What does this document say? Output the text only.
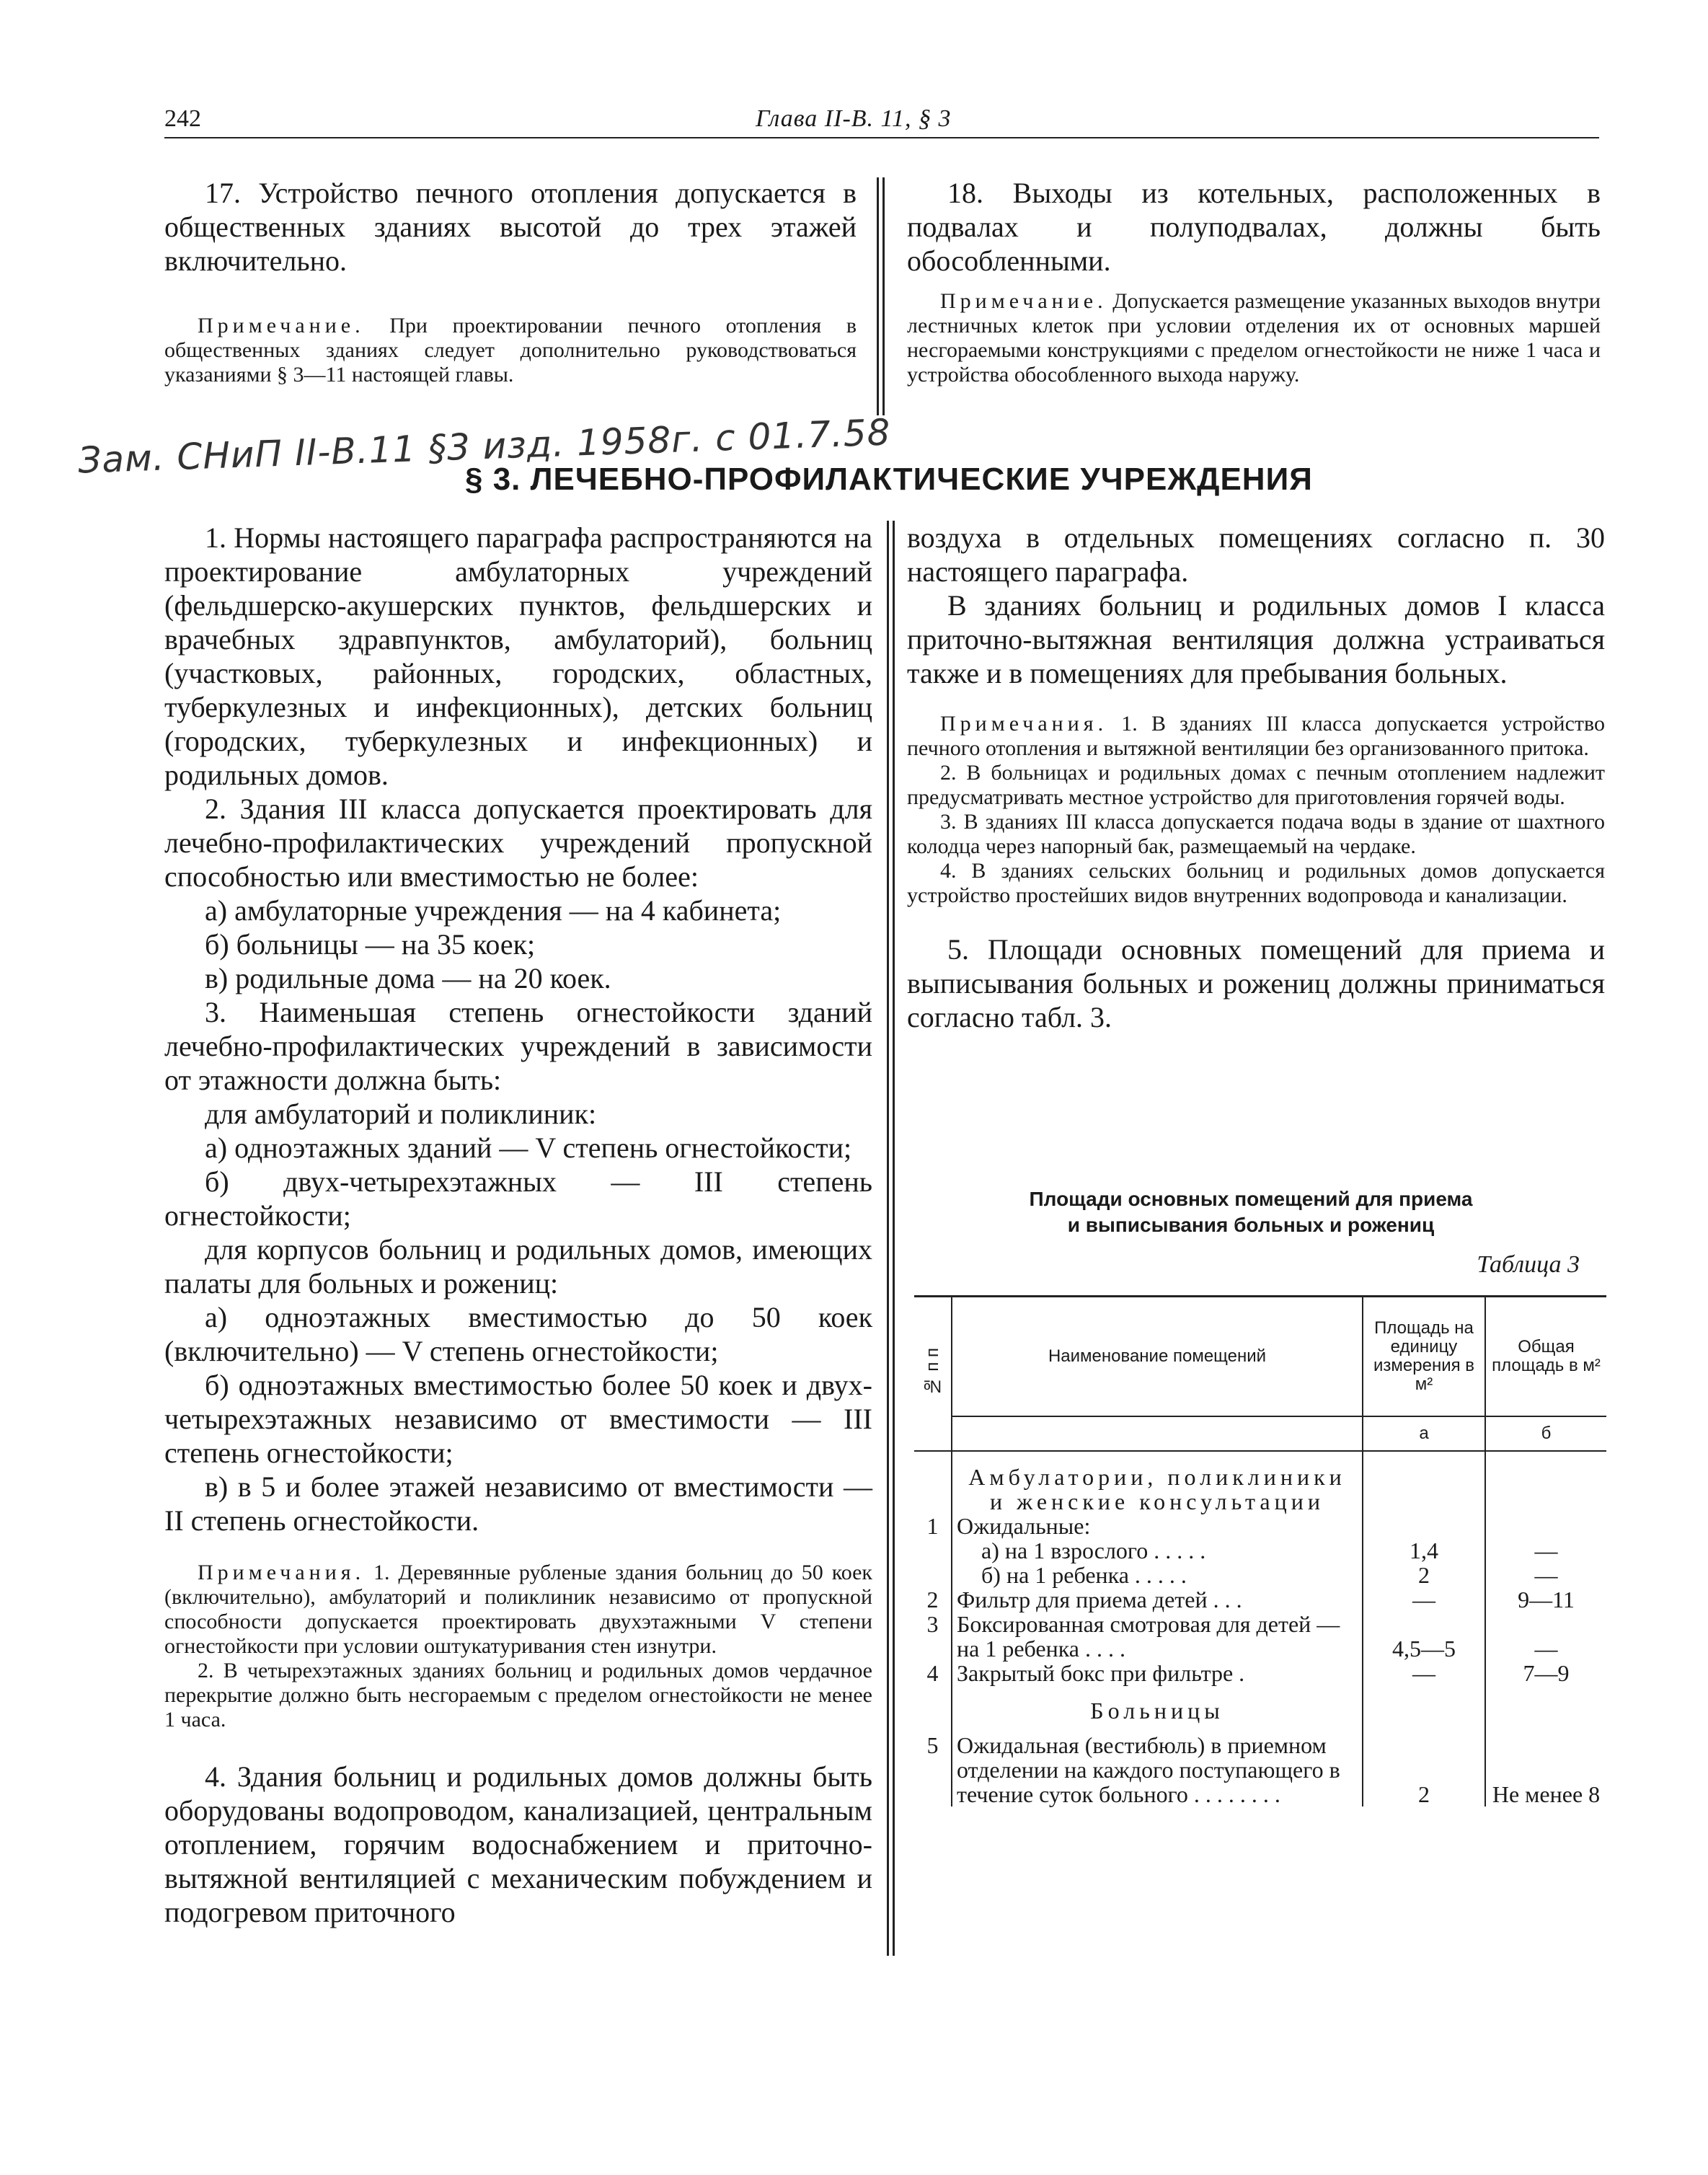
242	Глава II-В. 11, § 3

17. Устройство печного отопления допускается в общественных зданиях высотой до трех этажей включительно.

Примечание. При проектировании печного отопления в общественных зданиях следует дополнительно руководствоваться указаниями § 3—11 настоящей главы.

18. Выходы из котельных, расположенных в подвалах и полуподвалах, должны быть обособленными.

Примечание. Допускается размещение указанных выходов внутри лестничных клеток при условии отделения их от основных маршей несгораемыми конструкциями с пределом огнестойкости не ниже 1 часа и устройства обособленного выхода наружу.

Зам. СНиП II-В.11 §3 изд. 1958г. с 01.7.58
§ 3. ЛЕЧЕБНО-ПРОФИЛАКТИЧЕСКИЕ УЧРЕЖДЕНИЯ

1. Нормы настоящего параграфа распространяются на проектирование амбулаторных учреждений (фельдшерско-акушерских пунктов, фельдшерских и врачебных здравпунктов, амбулаторий), больниц (участковых, районных, городских, областных, туберкулезных и инфекционных), детских больниц (городских, туберкулезных и инфекционных) и родильных домов.

2. Здания III класса допускается проектировать для лечебно-профилактических учреждений пропускной способностью или вместимостью не более:

а) амбулаторные учреждения — на 4 кабинета;

б) больницы — на 35 коек;

в) родильные дома — на 20 коек.

3. Наименьшая степень огнестойкости зданий лечебно-профилактических учреждений в зависимости от этажности должна быть:

для амбулаторий и поликлиник:

а) одноэтажных зданий — V степень огнестойкости;

б) двух-четырехэтажных — III степень огнестойкости;

для корпусов больниц и родильных домов, имеющих палаты для больных и рожениц:

а) одноэтажных вместимостью до 50 коек (включительно) — V степень огнестойкости;

б) одноэтажных вместимостью более 50 коек и двух-четырехэтажных независимо от вместимости — III степень огнестойкости;

в) в 5 и более этажей независимо от вместимости — II степень огнестойкости.

Примечания. 1. Деревянные рубленые здания больниц до 50 коек (включительно), амбулаторий и поликлиник независимо от пропускной способности допускается проектировать двухэтажными V степени огнестойкости при условии оштукатуривания стен изнутри.

2. В четырехэтажных зданиях больниц и родильных домов чердачное перекрытие должно быть несгораемым с пределом огнестойкости не менее 1 часа.

4. Здания больниц и родильных домов должны быть оборудованы водопроводом, канализацией, центральным отоплением, горячим водоснабжением и приточно-вытяжной вентиляцией с механическим побуждением и подогревом приточного

воздуха в отдельных помещениях согласно п. 30 настоящего параграфа.

В зданиях больниц и родильных домов I класса приточно-вытяжная вентиляция должна устраиваться также и в помещениях для пребывания больных.

Примечания. 1. В зданиях III класса допускается устройство печного отопления и вытяжной вентиляции без организованного притока.

2. В больницах и родильных домах с печным отоплением надлежит предусматривать местное устройство для приготовления горячей воды.

3. В зданиях III класса допускается подача воды в здание от шахтного колодца через напорный бак, размещаемый на чердаке.

4. В зданиях сельских больниц и родильных домов допускается устройство простейших видов внутренних водопровода и канализации.

5. Площади основных помещений для приема и выписывания больных и рожениц должны приниматься согласно табл. 3.

Площади основных помещений для приема
и выписывания больных и рожениц
Таблица 3
№ п п	Наименование помещений	Площадь на единицу измерения в м²	Общая площадь в м²
		а	б
	Амбулатории, поликлиники и женские консультации		
1	Ожидальные:		
	а) на 1 взрослого . . . . .	1,4	—
	б) на 1 ребенка . . . . .	2	—
2	Фильтр для приема детей . . .	—	9—11
3	Боксированная смотровая для детей — на 1 ребенка . . . .	4,5—5	—
4	Закрытый бокс при фильтре .	—	7—9
	Больницы		
5	Ожидальная (вестибюль) в приемном отделении на каждого поступающего в течение суток больного . . . . . . . .	2	Не менее 8
